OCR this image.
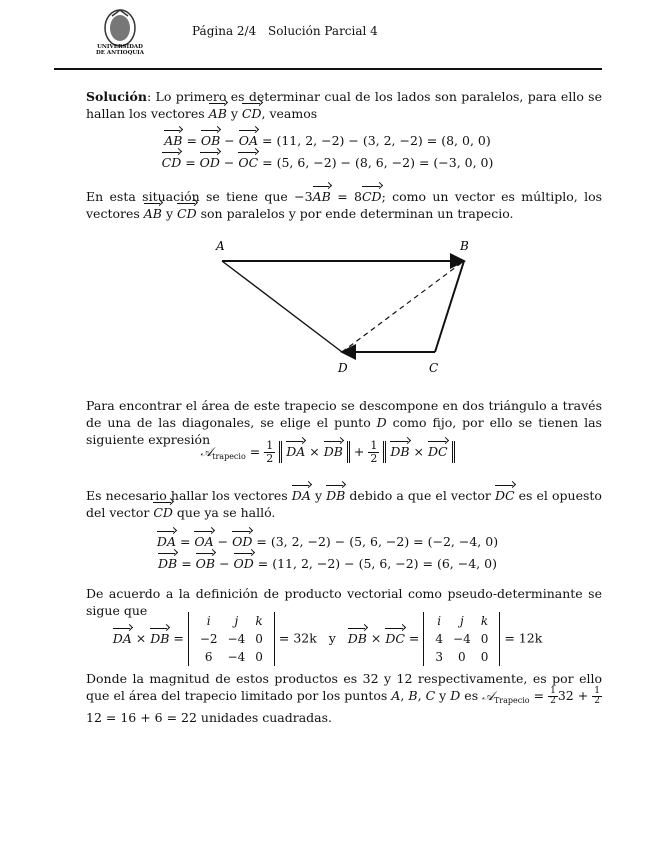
UNIVERSIDAD DE ANTIOQUIA
Página 2/4 Solución Parcial 4
Solución: Lo primero es determinar cual de los lados son paralelos, para ello se hallan los vectores AB y CD, veamos
AB = OB − OA = (11, 2, −2) − (3, 2, −2) = (8, 0, 0)
CD = OD − OC = (5, 6, −2) − (8, 6, −2) = (−3, 0, 0)
En esta situación se tiene que −3AB = 8CD; como un vector es múltiplo, los vectores AB y CD son paralelos y por ende determinan un trapecio.
A	B
C
D
Para encontrar el área de este trapecio se descompone en dos triángulo a través de una de las diagonales, se elige el punto D como fijo, por ello se tienen las siguiente expresión
𝒜$_{trapecio}$ = $\frac{1}{2}$ DA × DB + $\frac{1}{2}$ DB × DC
Es necesario hallar los vectores DA y DB debido a que el vector DC es el opuesto del vector CD que ya se halló.
DA = OA − OD = (3, 2, −2) − (5, 6, −2) = (−2, −4, 0)
DB = OB − OD = (11, 2, −2) − (5, 6, −2) = (6, −4, 0)
De acuerdo a la definición de producto vectorial como pseudo-determinante se sigue que
DA × DB =
i	j	k
−2	−4	0
6	−4	0
= 32k y DB × DC =
i	j	k
4	−4	0
3	0	0
= 12k
Donde la magnitud de estos productos es 32 y 12 respectivamente, es por ello que el área del trapecio limitado por los puntos A, B, C y D es 𝒜$_{Trapecio}$ = $\frac{1}{2} 32 + \frac{1}{2}$
12 = 16 + 6 = 22 unidades cuadradas.
